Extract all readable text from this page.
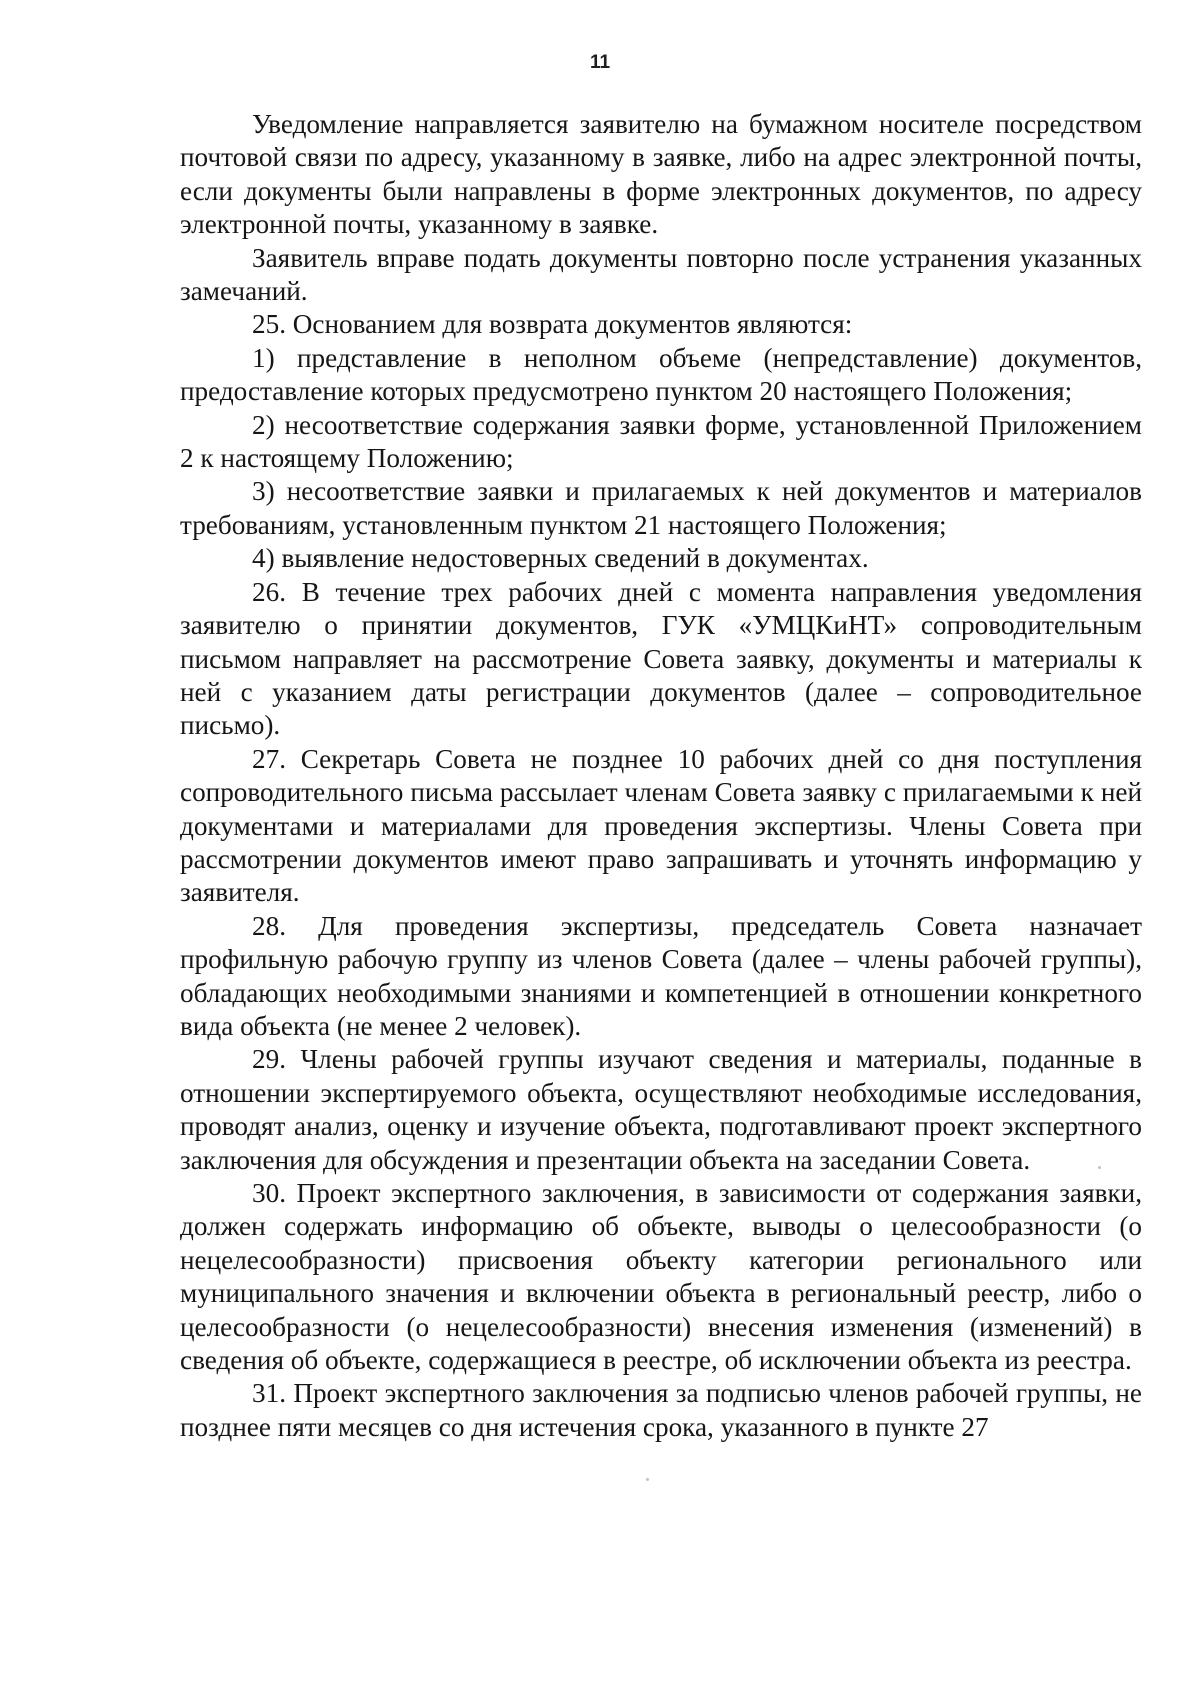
11

Уведомление направляется заявителю на бумажном носителе посредством почтовой связи по адресу, указанному в заявке, либо на адрес электронной почты, если документы были направлены в форме электронных документов, по адресу электронной почты, указанному в заявке.

Заявитель вправе подать документы повторно после устранения указанных замечаний.

25. Основанием для возврата документов являются:

1) представление в неполном объеме (непредставление) документов, предоставление которых предусмотрено пунктом 20 настоящего Положения;

2) несоответствие содержания заявки форме, установленной Приложением 2 к настоящему Положению;

3) несоответствие заявки и прилагаемых к ней документов и материалов требованиям, установленным пунктом 21 настоящего Положения;

4) выявление недостоверных сведений в документах.

26. В течение трех рабочих дней с момента направления уведомления заявителю о принятии документов, ГУК «УМЦКиНТ» сопроводительным письмом направляет на рассмотрение Совета заявку, документы и материалы к ней с указанием даты регистрации документов (далее – сопроводительное письмо).

27. Секретарь Совета не позднее 10 рабочих дней со дня поступления сопроводительного письма рассылает членам Совета заявку с прилагаемыми к ней документами и материалами для проведения экспертизы. Члены Совета при рассмотрении документов имеют право запрашивать и уточнять информацию у заявителя.

28. Для проведения экспертизы, председатель Совета назначает профильную рабочую группу из членов Совета (далее – члены рабочей группы), обладающих необходимыми знаниями и компетенцией в отношении конкретного вида объекта (не менее 2 человек).

29. Члены рабочей группы изучают сведения и материалы, поданные в отношении экспертируемого объекта, осуществляют необходимые исследования, проводят анализ, оценку и изучение объекта, подготавливают проект экспертного заключения для обсуждения и презентации объекта на заседании Совета.

30. Проект экспертного заключения, в зависимости от содержания заявки, должен содержать информацию об объекте, выводы о целесообразности (о нецелесообразности) присвоения объекту категории регионального или муниципального значения и включении объекта в региональный реестр, либо о целесообразности (о нецелесообразности) внесения изменения (изменений) в сведения об объекте, содержащиеся в реестре, об исключении объекта из реестра.

31. Проект экспертного заключения за подписью членов рабочей группы, не позднее пяти месяцев со дня истечения срока, указанного в пункте 27
